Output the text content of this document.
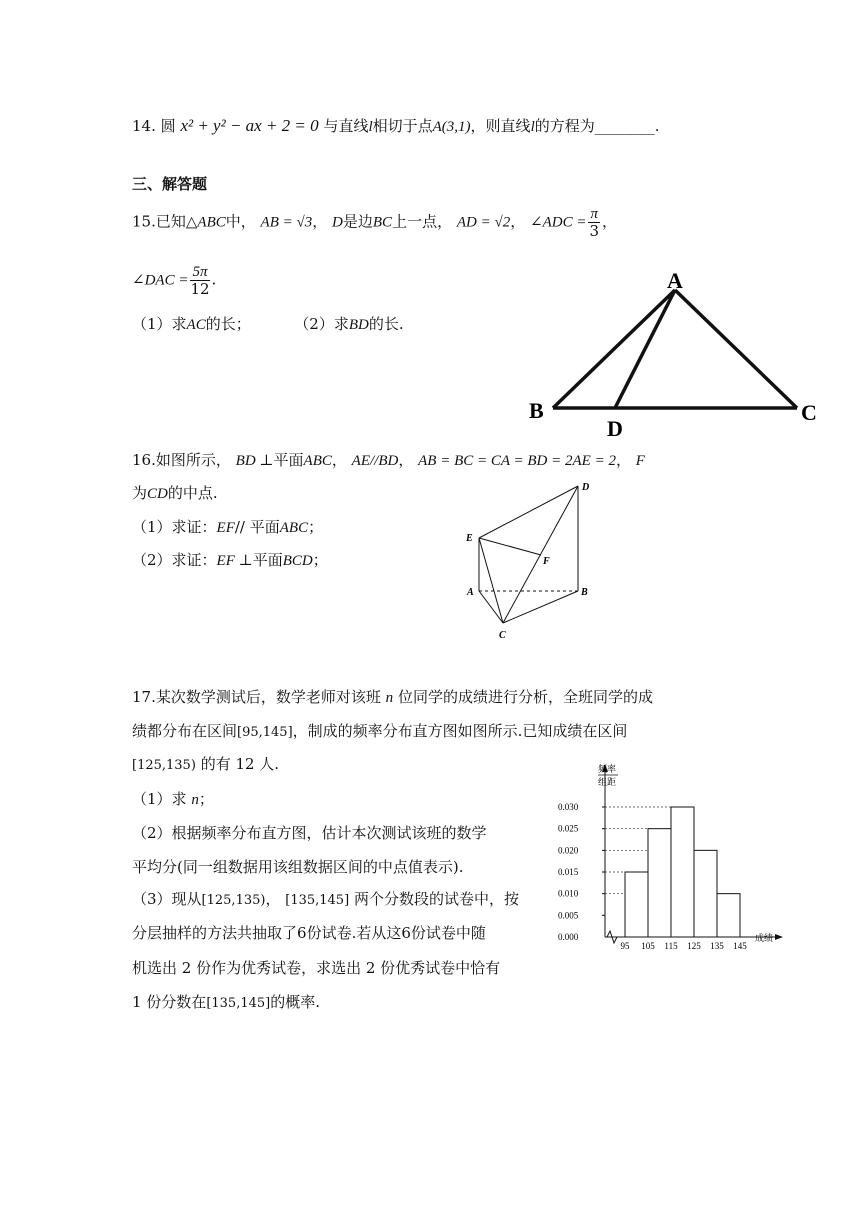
14. 圆 x² + y² − ax + 2 = 0 与直线l相切于点A(3,1)，则直线l的方程为________.
三、解答题
15.已知△ABC中， AB = √3， D是边BC上一点， AD = √2， ∠ADC = $\frac{\pi}{3}$ ，
∠DAC = $\frac{5\pi}{12}$ .
（1）求AC的长；	（2）求BD的长.
A
B	C
D
16.如图所示， BD ⊥平面ABC， AE//BD， AB = BC = CA = BD = 2AE = 2， F
为CD的中点.
（1）求证：EF// 平面ABC；
（2）求证：EF ⊥平面BCD；
D
E
F
A	B
C
17.某次数学测试后，数学老师对该班 n 位同学的成绩进行分析，全班同学的成
绩都分布在区间[95,145]，制成的频率分布直方图如图所示.已知成绩在区间
[125,135) 的有 12 人.
（1）求 n；
（2）根据频率分布直方图，估计本次测试该班的数学
平均分(同一组数据用该组数据区间的中点值表示).
（3）现从[125,135)， [135,145] 两个分数段的试卷中，按
分层抽样的方法共抽取了6份试卷.若从这6份试卷中随
机选出 2 份作为优秀试卷，求选出 2 份优秀试卷中恰有
1 份分数在[135,145]的概率.
频率
组距
成绩
0.000
0.005
0.010
0.015
0.020
0.025
0.030
95 105 115 125 135 145
